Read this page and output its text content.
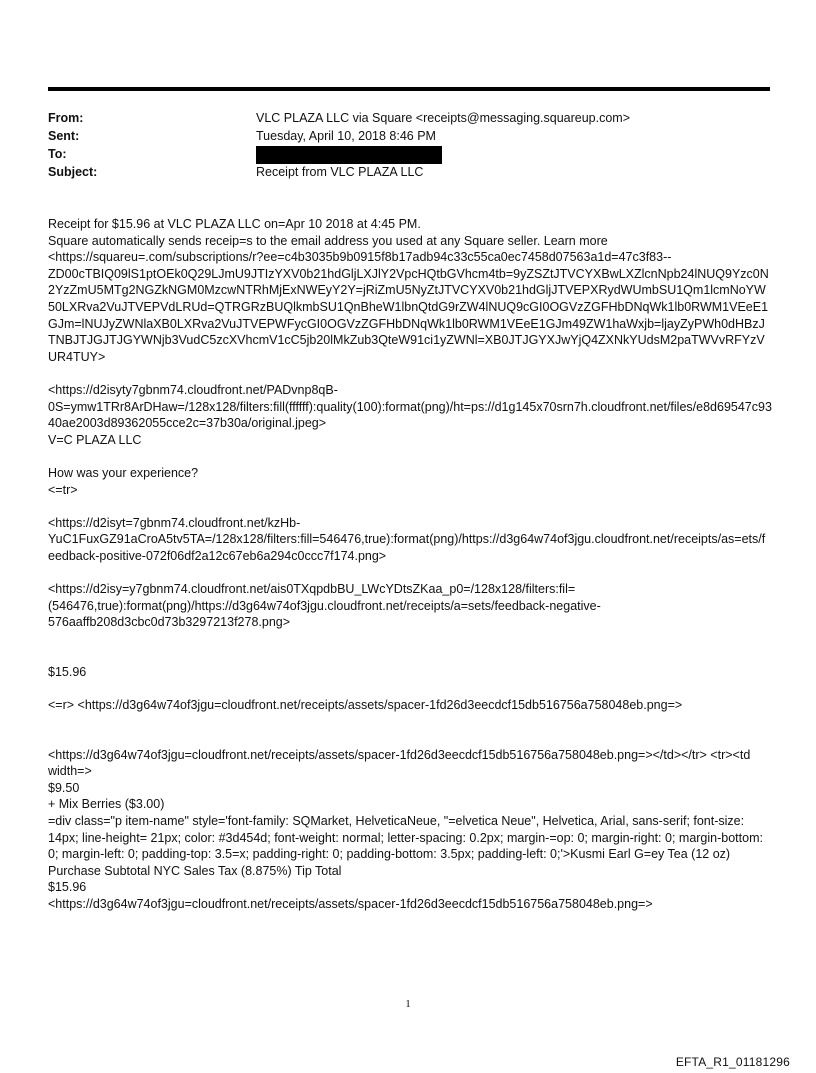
From:	VLC PLAZA LLC via Square <receipts@messaging.squareup.com>
Sent:	Tuesday, April 10, 2018 8:46 PM
To:
Subject:	Receipt from VLC PLAZA LLC

Receipt for $15.96 at VLC PLAZA LLC on=Apr 10 2018 at 4:45 PM.

Square automatically sends receip=s to the email address you used at any Square seller. Learn more

<https://squareu=.com/subscriptions/r?ee=c4b3035b9b0915f8b17adb94c33c55ca0ec7458d07563a1d=47c3f83--ZD00cTBIQ09lS1ptOEk0Q29LJmU9JTIzYXV0b21hdGljLXJlY2VpcHQtbGVhcm4tb=9yZSZtJTVCYXBwLXZlcnNpb24lNUQ9Yzc0N2YzZmU5MTg2NGZkNGM0MzcwNTRhMjExNWEyY2Y=jRiZmU5NyZtJTVCYXV0b21hdGljJTVEPXRydWUmbSU1Qm1lcmNoYW50LXRva2VuJTVEPVdLRUd=QTRGRzBUQlkmbSU1QnBheW1lbnQtdG9rZW4lNUQ9cGI0OGVzZGFHbDNqWk1lb0RWM1VEeE1GJm=lNUJyZWNlaXB0LXRva2VuJTVEPWFycGI0OGVzZGFHbDNqWk1lb0RWM1VEeE1GJm49ZW1haWxjb=ljayZyPWh0dHBzJTNBJTJGJTJGYWNjb3VudC5zcXVhcmV1cC5jb20lMkZub3QteW91ci1yZWNl=XB0JTJGYXJwYjQ4ZXNkYUdsM2paTWVvRFYzVUR4TUY>

<https://d2isyty7gbnm74.cloudfront.net/PADvnp8qB-0S=ymw1TRr8ArDHaw=/128x128/filters:fill(ffffff):quality(100):format(png)/ht=ps://d1g145x70srn7h.cloudfront.net/files/e8d69547c9340ae2003d89362055cce2c=37b30a/original.jpeg>

V=C PLAZA LLC

How was your experience?

<=tr>

<https://d2isyt=7gbnm74.cloudfront.net/kzHb-YuC1FuxGZ91aCroA5tv5TA=/128x128/filters:fill=546476,true):format(png)/https://d3g64w74of3jgu.cloudfront.net/receipts/as=ets/feedback-positive-072f06df2a12c67eb6a294c0ccc7f174.png>

<https://d2isy=y7gbnm74.cloudfront.net/ais0TXqpdbBU_LWcYDtsZKaa_p0=/128x128/filters:fil=(546476,true):format(png)/https://d3g64w74of3jgu.cloudfront.net/receipts/a=sets/feedback-negative-576aaffb208d3cbc0d73b3297213f278.png>

$15.96

<=r> <https://d3g64w74of3jgu=cloudfront.net/receipts/assets/spacer-1fd26d3eecdcf15db516756a758048eb.png=>

<https://d3g64w74of3jgu=cloudfront.net/receipts/assets/spacer-1fd26d3eecdcf15db516756a758048eb.png=></td></tr> <tr><td width=>

$9.50

+ Mix Berries ($3.00)

=div class="p item-name" style='font-family: SQMarket, HelveticaNeue, "=elvetica Neue", Helvetica, Arial, sans-serif; font-size: 14px; line-height= 21px; color: #3d454d; font-weight: normal; letter-spacing: 0.2px; margin-=op: 0; margin-right: 0; margin-bottom: 0; margin-left: 0; padding-top: 3.5=x; padding-right: 0; padding-bottom: 3.5px; padding-left: 0;'>Kusmi Earl G=ey Tea (12 oz) Purchase Subtotal NYC Sales Tax (8.875%) Tip Total

$15.96

<https://d3g64w74of3jgu=cloudfront.net/receipts/assets/spacer-1fd26d3eecdcf15db516756a758048eb.png=>

1
EFTA_R1_01181296
